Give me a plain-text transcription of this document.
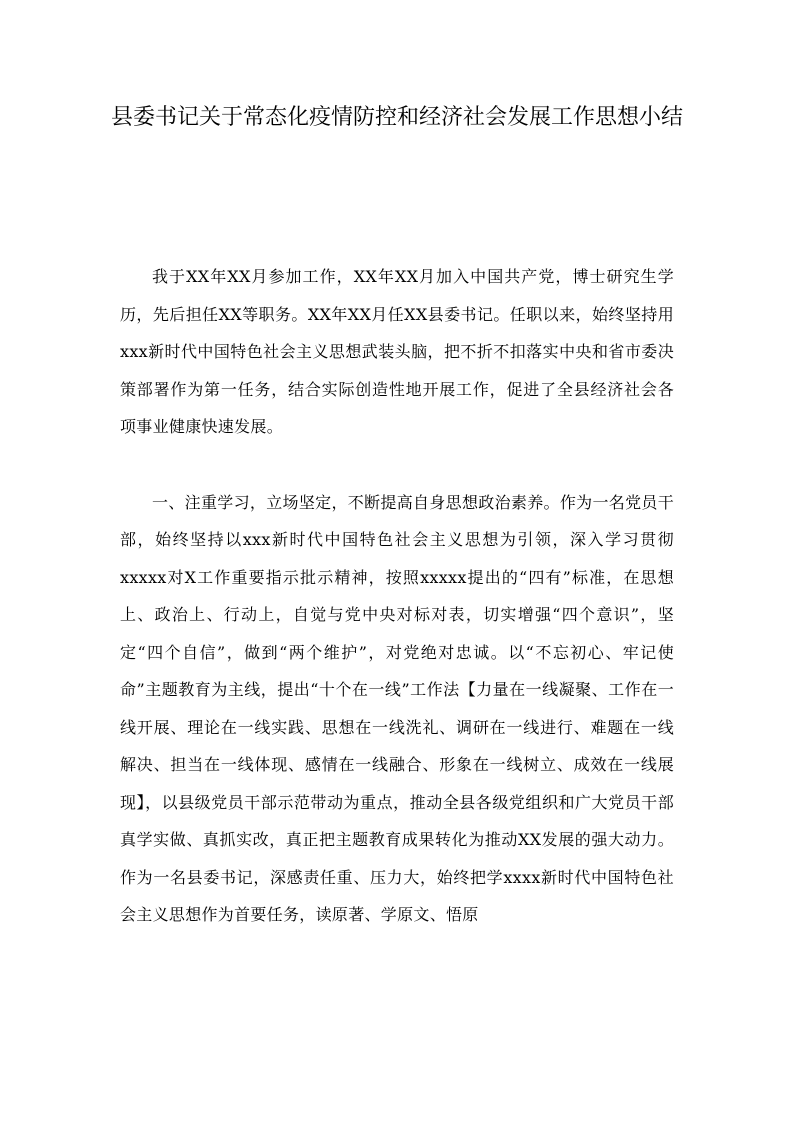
县委书记关于常态化疫情防控和经济社会发展工作思想小结

我于XX年XX月参加工作，XX年XX月加入中国共产党，博士研究生学历，先后担任XX等职务。XX年XX月任XX县委书记。任职以来，始终坚持用xxx新时代中国特色社会主义思想武装头脑，把不折不扣落实中央和省市委决策部署作为第一任务，结合实际创造性地开展工作，促进了全县经济社会各项事业健康快速发展。

一、注重学习，立场坚定，不断提高自身思想政治素养。作为一名党员干部，始终坚持以xxx新时代中国特色社会主义思想为引领，深入学习贯彻xxxxx对X工作重要指示批示精神，按照xxxxx提出的“四有”标准，在思想上、政治上、行动上，自觉与党中央对标对表，切实增强“四个意识”，坚定“四个自信”，做到“两个维护”，对党绝对忠诚。以“不忘初心、牢记使命”主题教育为主线，提出“十个在一线”工作法【力量在一线凝聚、工作在一线开展、理论在一线实践、思想在一线洗礼、调研在一线进行、难题在一线解决、担当在一线体现、感情在一线融合、形象在一线树立、成效在一线展现】，以县级党员干部示范带动为重点，推动全县各级党组织和广大党员干部真学实做、真抓实改，真正把主题教育成果转化为推动XX发展的强大动力。作为一名县委书记，深感责任重、压力大，始终把学xxxx新时代中国特色社会主义思想作为首要任务，读原著、学原文、悟原
